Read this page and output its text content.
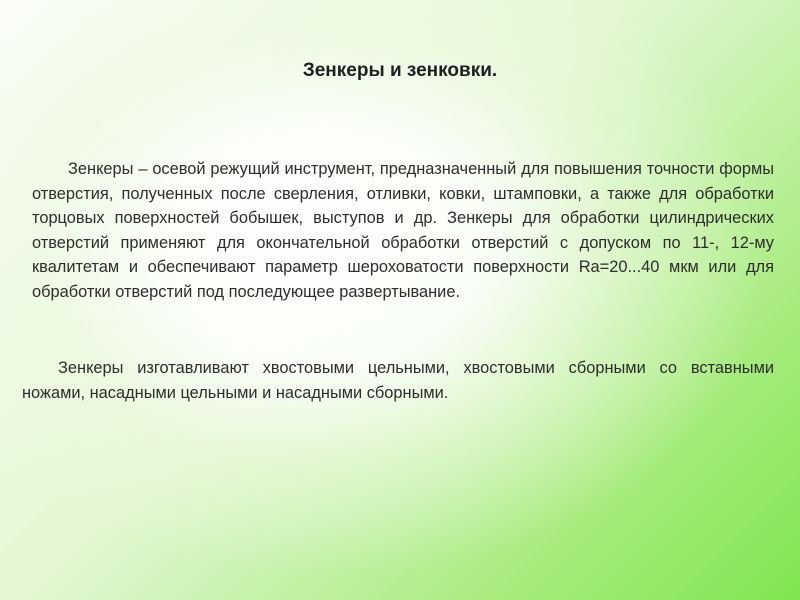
Зенкеры и зенковки.

Зенкеры – осевой режущий инструмент, предназначенный для повышения точности формы отверстия, полученных после сверления, отливки, ковки, штамповки, а также для обработки торцовых поверхностей бобышек, выступов и др. Зенкеры для обработки цилиндрических отверстий применяют для окончательной обработки отверстий с допуском по 11-, 12-му квалитетам и обеспечивают параметр шероховатости поверхности Ra=20...40 мкм или для обработки отверстий под последующее развертывание.

Зенкеры изготавливают хвостовыми цельными, хвостовыми сборными со вставными ножами, насадными цельными и насадными сборными.
